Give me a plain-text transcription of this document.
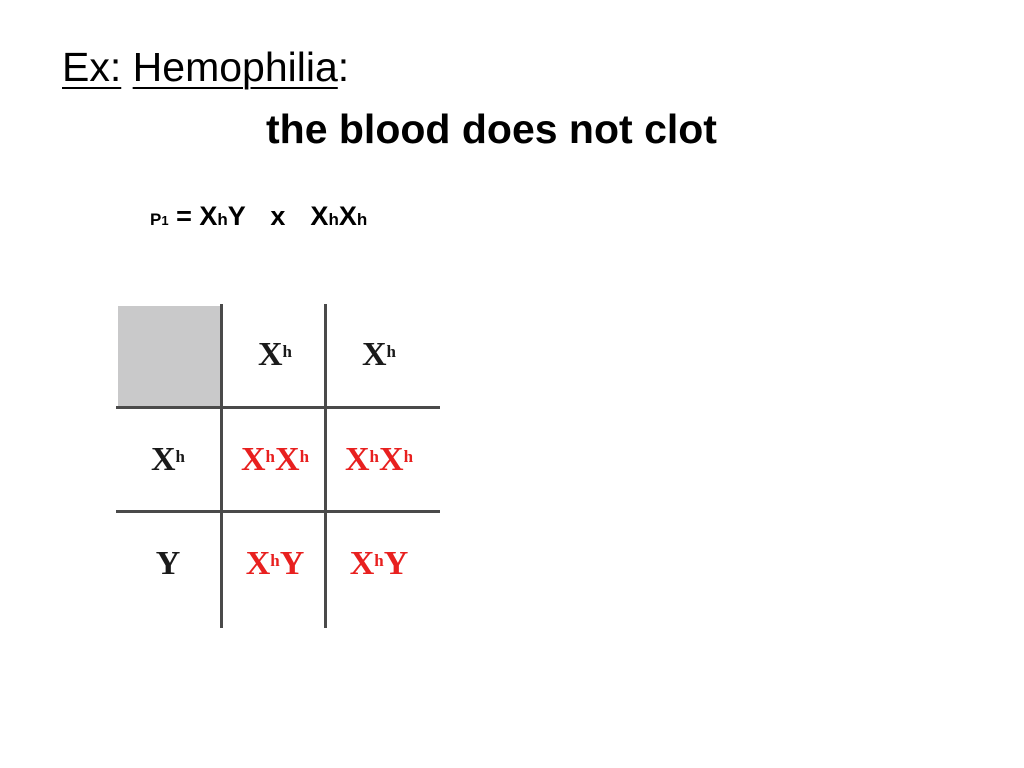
Ex: Hemophilia:
the blood does not clot
P1 = XhY x XhXh
$X^h$ $X^h$
$X^h$
Y
$X^h$ $X^h$ $X^h$ $X^h$
$X^h$ Y $X^h$ Y
